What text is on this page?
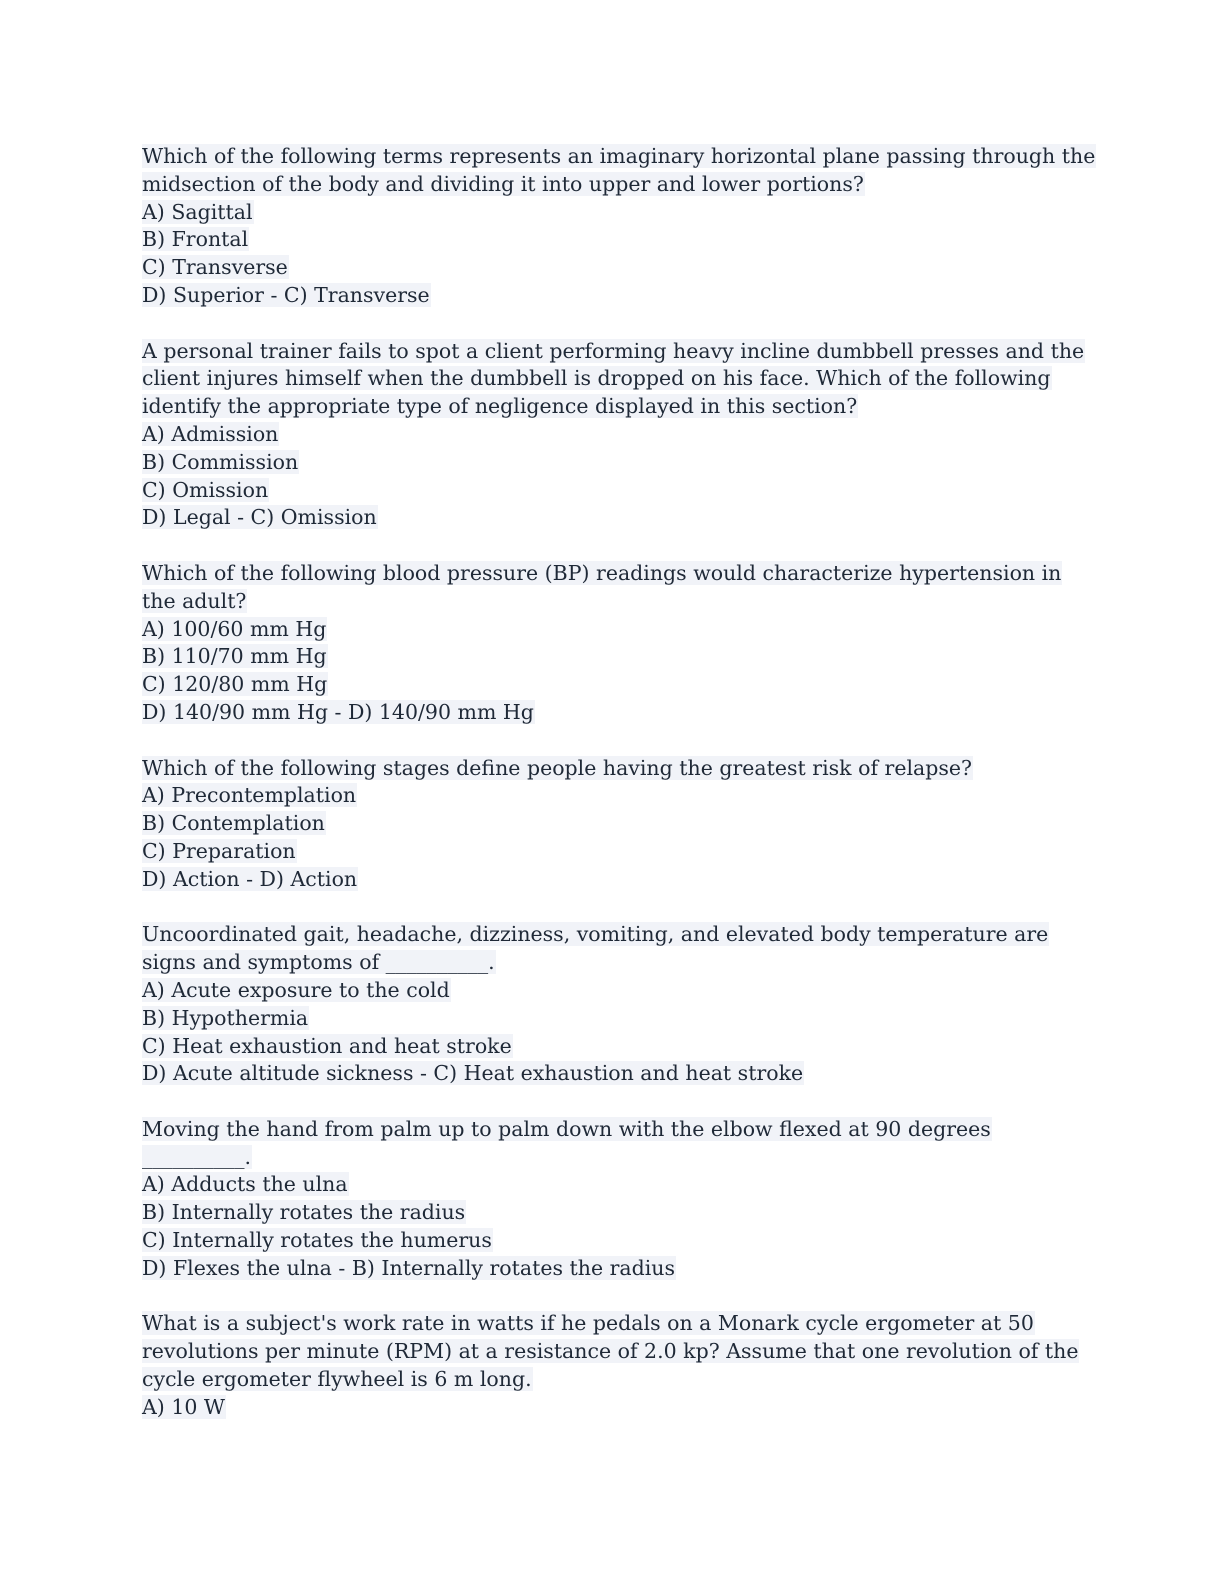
Which of the following terms represents an imaginary horizontal plane passing through the
midsection of the body and dividing it into upper and lower portions?
A) Sagittal
B) Frontal
C) Transverse
D) Superior - C) Transverse
A personal trainer fails to spot a client performing heavy incline dumbbell presses and the
client injures himself when the dumbbell is dropped on his face. Which of the following
identify the appropriate type of negligence displayed in this section?
A) Admission
B) Commission
C) Omission
D) Legal - C) Omission
Which of the following blood pressure (BP) readings would characterize hypertension in
the adult?
A) 100/60 mm Hg
B) 110/70 mm Hg
C) 120/80 mm Hg
D) 140/90 mm Hg - D) 140/90 mm Hg
Which of the following stages define people having the greatest risk of relapse?
A) Precontemplation
B) Contemplation
C) Preparation
D) Action - D) Action
Uncoordinated gait, headache, dizziness, vomiting, and elevated body temperature are
signs and symptoms of __________.
A) Acute exposure to the cold
B) Hypothermia
C) Heat exhaustion and heat stroke
D) Acute altitude sickness - C) Heat exhaustion and heat stroke
Moving the hand from palm up to palm down with the elbow flexed at 90 degrees
__________.
A) Adducts the ulna
B) Internally rotates the radius
C) Internally rotates the humerus
D) Flexes the ulna - B) Internally rotates the radius
What is a subject's work rate in watts if he pedals on a Monark cycle ergometer at 50
revolutions per minute (RPM) at a resistance of 2.0 kp? Assume that one revolution of the
cycle ergometer flywheel is 6 m long.
A) 10 W
